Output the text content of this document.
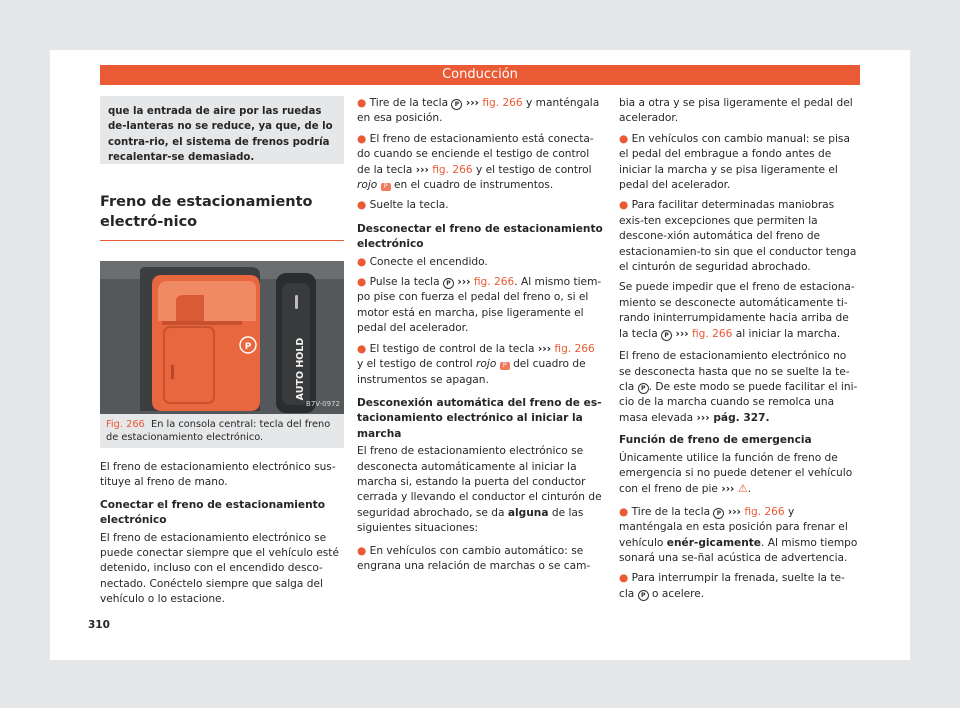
Conducción
que la entrada de aire por las ruedas de-lanteras no se reduce, ya que, de lo contra-rio, el sistema de frenos podría recalentar-se demasiado.
Freno de estacionamiento electró-nico
P	AUTO HOLD
B7V-0972
Fig. 266 En la consola central: tecla del freno de estacionamiento electrónico.

El freno de estacionamiento electrónico sus-tituye al freno de mano.

Conectar el freno de estacionamiento electrónico

El freno de estacionamiento electrónico se puede conectar siempre que el vehículo esté detenido, incluso con el encendido desco-nectado. Conéctelo siempre que salga del vehículo o lo estacione.

● Tire de la tecla P ››› fig. 266 y manténgala en esa posición.

● El freno de estacionamiento está conecta-do cuando se enciende el testigo de control de la tecla ››› fig. 266 y el testigo de control rojo P en el cuadro de instrumentos.

● Suelte la tecla.

Desconectar el freno de estacionamiento electrónico

● Conecte el encendido.

● Pulse la tecla P ››› fig. 266. Al mismo tiem-po pise con fuerza el pedal del freno o, si el motor está en marcha, pise ligeramente el pedal del acelerador.

● El testigo de control de la tecla ››› fig. 266 y el testigo de control rojo P del cuadro de instrumentos se apagan.

Desconexión automática del freno de es-tacionamiento electrónico al iniciar la marcha

El freno de estacionamiento electrónico se desconecta automáticamente al iniciar la marcha si, estando la puerta del conductor cerrada y llevando el conductor el cinturón de seguridad abrochado, se da alguna de las siguientes situaciones:

● En vehículos con cambio automático: se engrana una relación de marchas o se cam-

bia a otra y se pisa ligeramente el pedal del acelerador.

● En vehículos con cambio manual: se pisa el pedal del embrague a fondo antes de iniciar la marcha y se pisa ligeramente el pedal del acelerador.

● Para facilitar determinadas maniobras exis-ten excepciones que permiten la descone-xión automática del freno de estacionamien-to sin que el conductor tenga el cinturón de seguridad abrochado.

Se puede impedir que el freno de estaciona-miento se desconecte automáticamente ti-rando ininterrumpidamente hacia arriba de la tecla P ››› fig. 266 al iniciar la marcha.

El freno de estacionamiento electrónico no se desconecta hasta que no se suelte la te-cla P . De este modo se puede facilitar el ini-cio de la marcha cuando se remolca una masa elevada ››› pág. 327.

Función de freno de emergencia

Únicamente utilice la función de freno de emergencia si no puede detener el vehículo con el freno de pie ››› ⚠.

● Tire de la tecla P ››› fig. 266 y manténgala en esta posición para frenar el vehículo enér-gicamente. Al mismo tiempo sonará una se-ñal acústica de advertencia.

● Para interrumpir la frenada, suelte la te-cla P o acelere.

310
